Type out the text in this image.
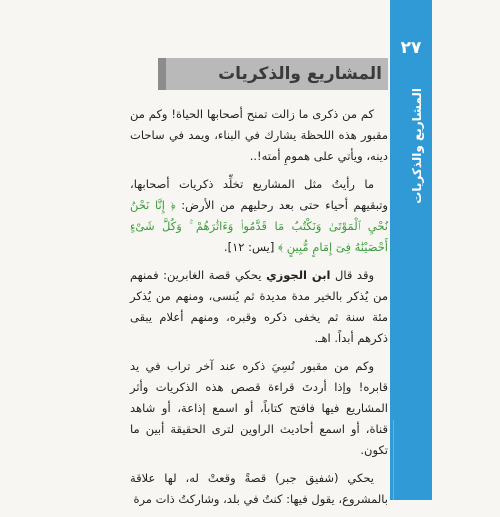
٢٧
المشاريع والذكريات
المشاريع والذكريات

كم من ذكرى ما زالت تمنح أصحابها الحياة! وكم من مقبور هذه اللحظة يشارك في البناء، ويمد في ساحات دينه، ويأتي على همومِ أمته!..

ما رأيتُ مثل المشاريع تخلِّد ذكريات أصحابها، وتبقيهم أحياء حتى بعد رحليهم من الأرض: ﴿ إِنَّا نَحْنُ نُحْيِ ٱلْمَوْتَىٰ وَنَكْتُبُ مَا قَدَّمُوا۟ وَءَاثَٰرَهُمْ ۚ وَكُلَّ شَىْءٍ أَحْصَيْنَٰهُ فِىٓ إِمَامٍ مُّبِينٍ ﴾ [يس: ١٢].

وقد قال ابن الجوزي يحكي قصة الغابرين: فمنهم من يُذكر بالخير مدة مديدة ثم يُنسى، ومنهم من يُذكر مئة سنة ثم يخفى ذكره وقبره، ومنهم أعلام يبقى ذكرهم أبداً. اهـ.

وكم من مقبور نُسِيَ ذكره عند آخر تراب في يد قابره! وإذا أردتَ قراءة قصص هذه الذكريات وأثر المشاريع فيها فافتح كتاباً، أو اسمع إذاعة، أو شاهد قناة، أو اسمع أحاديث الراوين لترى الحقيقة أبين ما تكون.

يحكي (شفيق جبر) قصةً وقعتْ له، لها علاقة بالمشروع، يقول فيها: كنتُ في بلد، وشاركتُ ذات مرة
